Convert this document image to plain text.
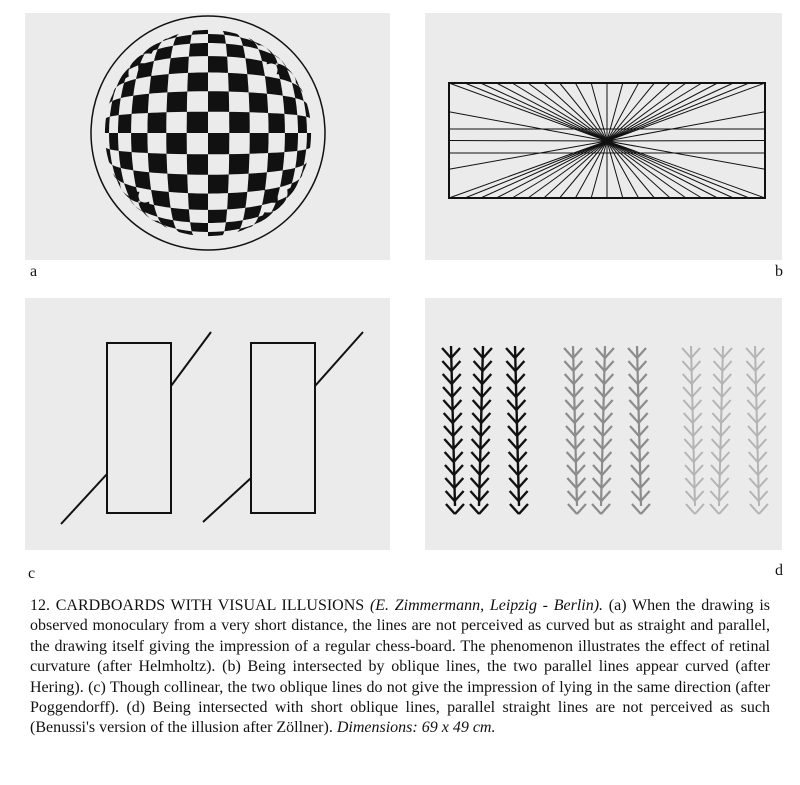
a	b
c	d
12. CARDBOARDS WITH VISUAL ILLUSIONS (E. Zimmermann, Leipzig - Berlin). (a) When the drawing is observed monoculary from a very short distance, the lines are not perceived as curved but as straight and parallel, the drawing itself giving the impression of a regular chess-board. The phenomenon illustrates the effect of retinal curvature (after Helmholtz). (b) Being intersected by oblique lines, the two parallel lines appear curved (after Hering). (c) Though collinear, the two oblique lines do not give the impression of lying in the same direction (after Poggendorff). (d) Being intersected with short oblique lines, parallel straight lines are not perceived as such (Benussi's version of the illusion after Zöllner). Dimensions: 69 x 49 cm.
